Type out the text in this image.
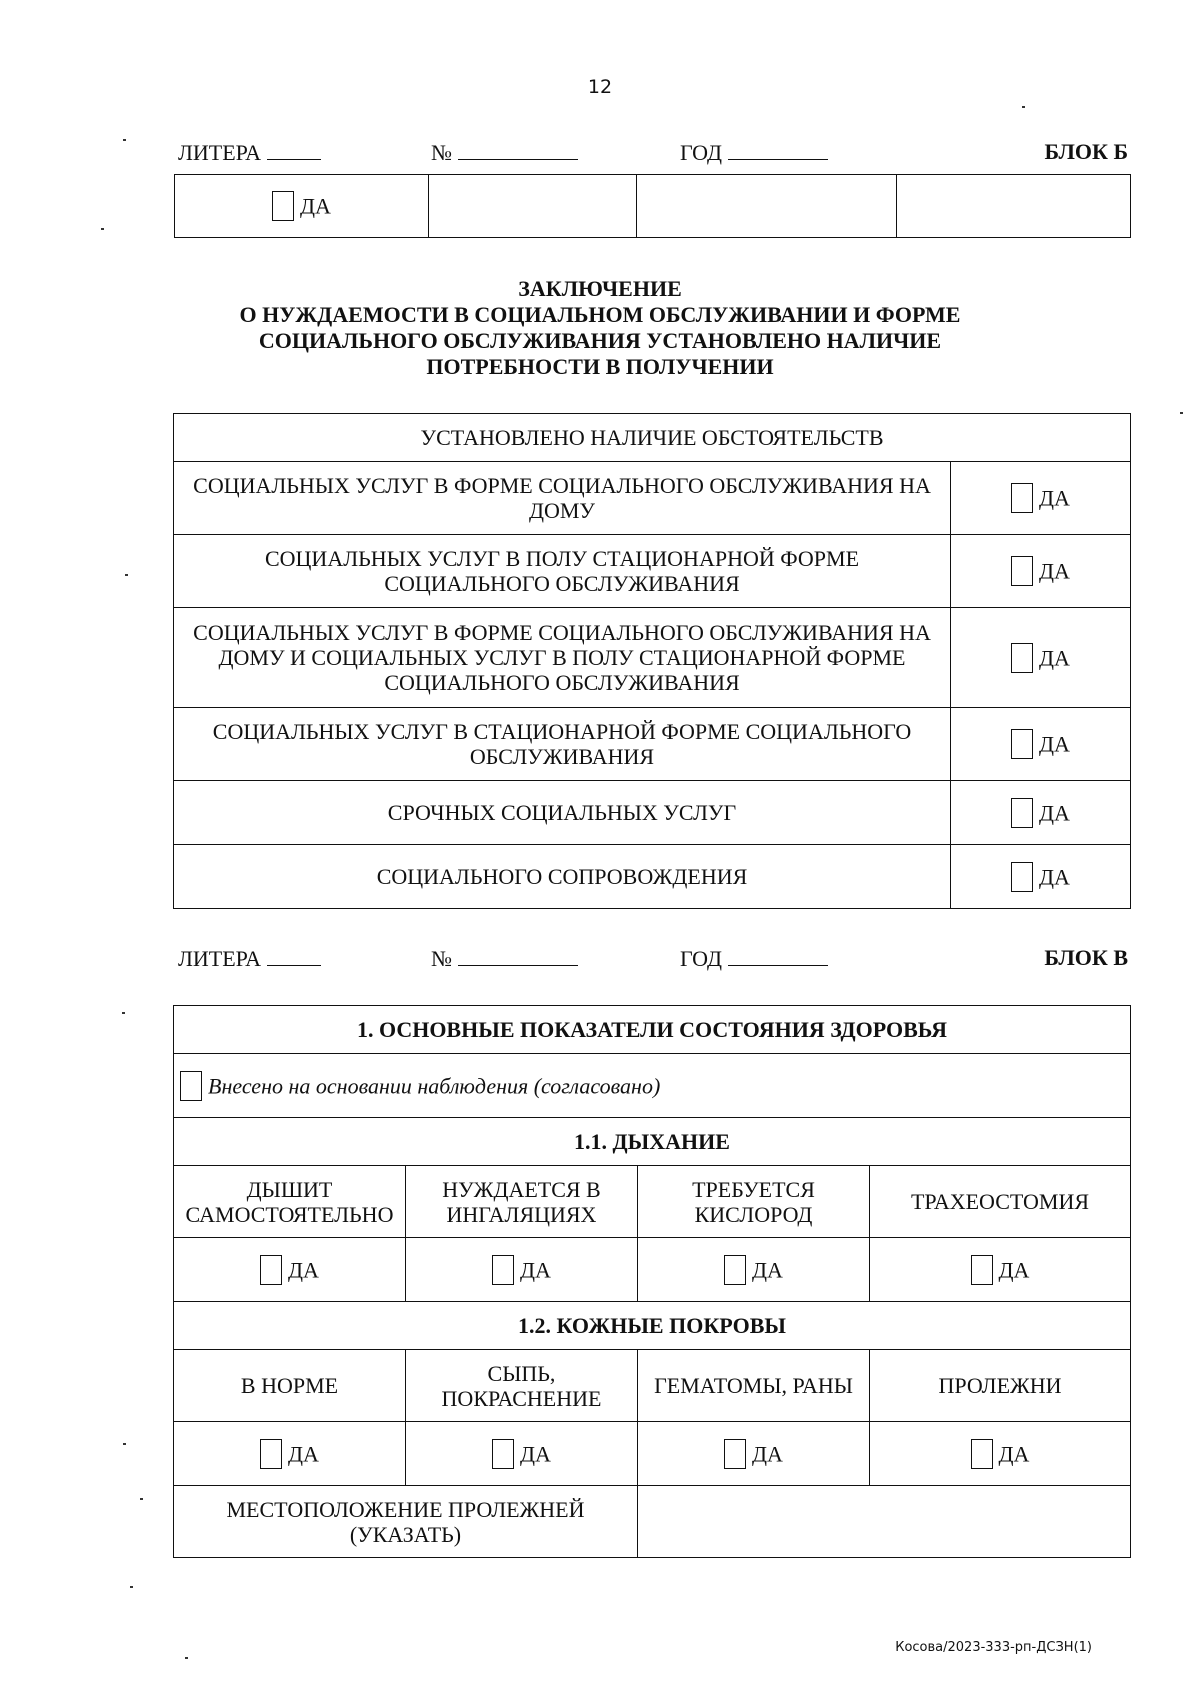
12
ЛИТЕРА	№	ГОД	БЛОК Б
ДА			
ЗАКЛЮЧЕНИЕ
О НУЖДАЕМОСТИ В СОЦИАЛЬНОМ ОБСЛУЖИВАНИИ И ФОРМЕ
СОЦИАЛЬНОГО ОБСЛУЖИВАНИЯ УСТАНОВЛЕНО НАЛИЧИЕ
ПОТРЕБНОСТИ В ПОЛУЧЕНИИ
УСТАНОВЛЕНО НАЛИЧИЕ ОБСТОЯТЕЛЬСТВ	
СОЦИАЛЬНЫХ УСЛУГ В ФОРМЕ СОЦИАЛЬНОГО ОБСЛУЖИВАНИЯ НА ДОМУ	ДА
СОЦИАЛЬНЫХ УСЛУГ В ПОЛУ СТАЦИОНАРНОЙ ФОРМЕ СОЦИАЛЬНОГО ОБСЛУЖИВАНИЯ	ДА
СОЦИАЛЬНЫХ УСЛУГ В ФОРМЕ СОЦИАЛЬНОГО ОБСЛУЖИВАНИЯ НА ДОМУ И СОЦИАЛЬНЫХ УСЛУГ В ПОЛУ СТАЦИОНАРНОЙ ФОРМЕ СОЦИАЛЬНОГО ОБСЛУЖИВАНИЯ	ДА
СОЦИАЛЬНЫХ УСЛУГ В СТАЦИОНАРНОЙ ФОРМЕ СОЦИАЛЬНОГО ОБСЛУЖИВАНИЯ	ДА
СРОЧНЫХ СОЦИАЛЬНЫХ УСЛУГ	ДА
СОЦИАЛЬНОГО СОПРОВОЖДЕНИЯ	ДА
ЛИТЕРА	№	ГОД	БЛОК В
1. ОСНОВНЫЕ ПОКАЗАТЕЛИ СОСТОЯНИЯ ЗДОРОВЬЯ			
Внесено на основании наблюдения (согласовано)			
1.1. ДЫХАНИЕ			
ДЫШИТ САМОСТОЯТЕЛЬНО	НУЖДАЕТСЯ В ИНГАЛЯЦИЯХ	ТРЕБУЕТСЯ КИСЛОРОД	ТРАХЕОСТОМИЯ
ДА	ДА	ДА	ДА
1.2. КОЖНЫЕ ПОКРОВЫ			
В НОРМЕ	СЫПЬ, ПОКРАСНЕНИЕ	ГЕМАТОМЫ, РАНЫ	ПРОЛЕЖНИ
ДА	ДА	ДА	ДА
МЕСТОПОЛОЖЕНИЕ ПРОЛЕЖНЕЙ (УКАЗАТЬ)			
Косова/2023-333-рп-ДСЗН(1)
